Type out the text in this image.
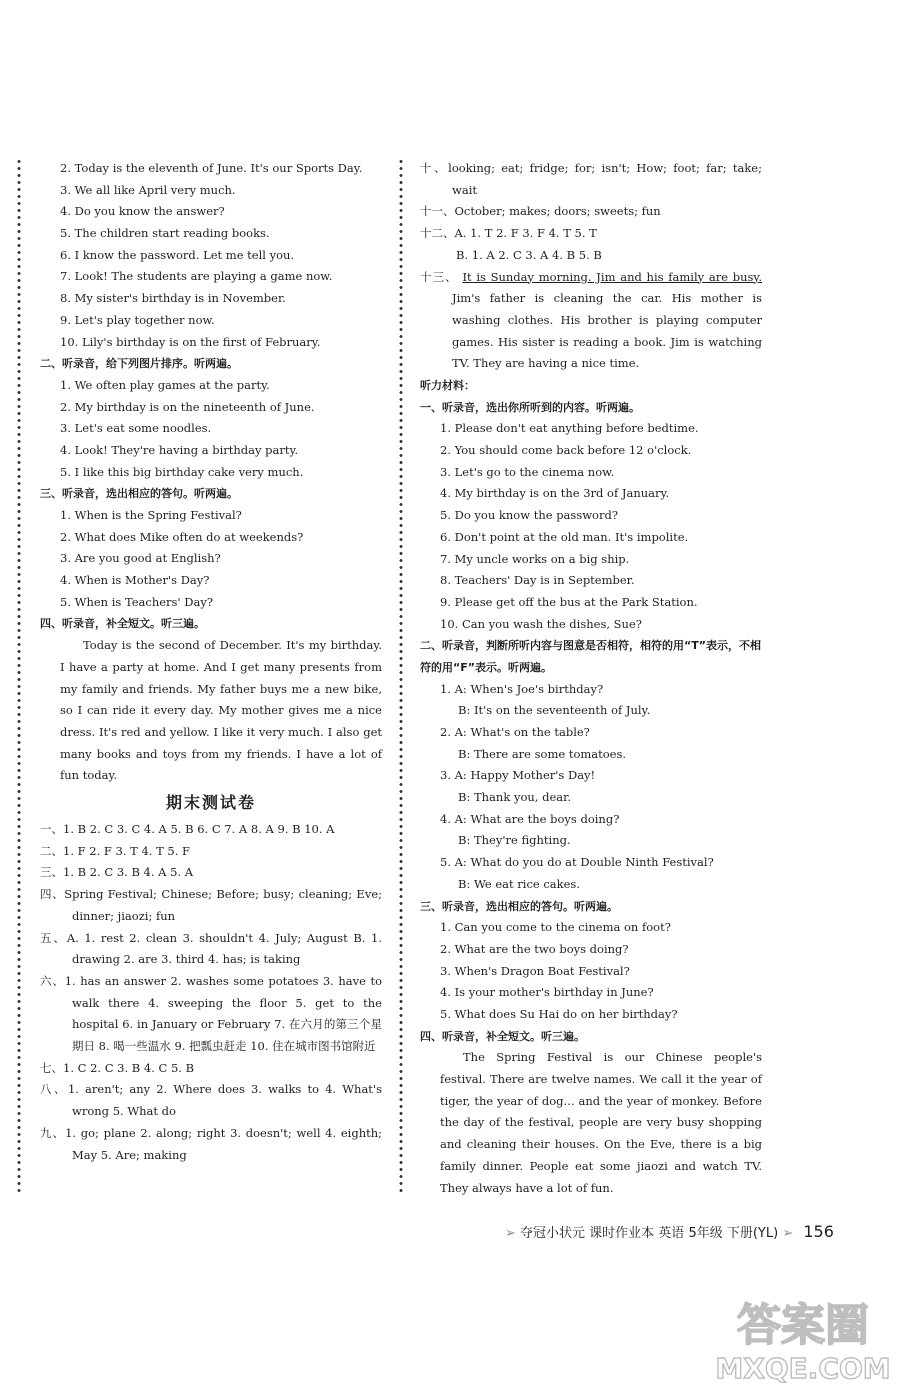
2. Today is the eleventh of June. It's our Sports Day.
3. We all like April very much.
4. Do you know the answer?
5. The children start reading books.
6. I know the password. Let me tell you.
7. Look! The students are playing a game now.
8. My sister's birthday is in November.
9. Let's play together now.
10. Lily's birthday is on the first of February.
二、听录音，给下列图片排序。听两遍。
1. We often play games at the party.
2. My birthday is on the nineteenth of June.
3. Let's eat some noodles.
4. Look! They're having a birthday party.
5. I like this big birthday cake very much.
三、听录音，选出相应的答句。听两遍。
1. When is the Spring Festival?
2. What does Mike often do at weekends?
3. Are you good at English?
4. When is Mother's Day?
5. When is Teachers' Day?
四、听录音，补全短文。听三遍。

Today is the second of December. It's my birthday. I have a party at home. And I get many presents from my family and friends. My father buys me a new bike, so I can ride it every day. My mother gives me a nice dress. It's red and yellow. I like it very much. I also get many books and toys from my friends. I have a lot of fun today.

期末测试卷
一、1. B 2. C 3. C 4. A 5. B 6. C 7. A 8. A 9. B 10. A
二、1. F 2. F 3. T 4. T 5. F
三、1. B 2. C 3. B 4. A 5. A
四、Spring Festival; Chinese; Before; busy; cleaning; Eve; dinner; jiaozi; fun
五、A. 1. rest 2. clean 3. shouldn't 4. July; August B. 1. drawing 2. are 3. third 4. has; is taking
六、1. has an answer 2. washes some potatoes 3. have to walk there 4. sweeping the floor 5. get to the hospital 6. in January or February 7. 在六月的第三个星期日 8. 喝一些温水 9. 把瓢虫赶走 10. 住在城市图书馆附近
七、1. C 2. C 3. B 4. C 5. B
八、1. aren't; any 2. Where does 3. walks to 4. What's wrong 5. What do
九、1. go; plane 2. along; right 3. doesn't; well 4. eighth; May 5. Are; making
十、looking; eat; fridge; for; isn't; How; foot; far; take; wait
十一、October; makes; doors; sweets; fun
十二、A. 1. T 2. F 3. F 4. T 5. T
B. 1. A 2. C 3. A 4. B 5. B
十三、 It is Sunday morning. Jim and his family are busy. Jim's father is cleaning the car. His mother is washing clothes. His brother is playing computer games. His sister is reading a book. Jim is watching TV. They are having a nice time.
听力材料：
一、听录音，选出你所听到的内容。听两遍。
1. Please don't eat anything before bedtime.
2. You should come back before 12 o'clock.
3. Let's go to the cinema now.
4. My birthday is on the 3rd of January.
5. Do you know the password?
6. Don't point at the old man. It's impolite.
7. My uncle works on a big ship.
8. Teachers' Day is in September.
9. Please get off the bus at the Park Station.
10. Can you wash the dishes, Sue?
二、听录音，判断所听内容与图意是否相符，相符的用“T”表示，不相符的用“F”表示。听两遍。
1. A: When's Joe's birthday?
B: It's on the seventeenth of July.
2. A: What's on the table?
B: There are some tomatoes.
3. A: Happy Mother's Day!
B: Thank you, dear.
4. A: What are the boys doing?
B: They're fighting.
5. A: What do you do at Double Ninth Festival?
B: We eat rice cakes.
三、听录音，选出相应的答句。听两遍。
1. Can you come to the cinema on foot?
2. What are the two boys doing?
3. When's Dragon Boat Festival?
4. Is your mother's birthday in June?
5. What does Su Hai do on her birthday?
四、听录音，补全短文。听三遍。

The Spring Festival is our Chinese people's festival. There are twelve names. We call it the year of tiger, the year of dog... and the year of monkey. Before the day of the festival, people are very busy shopping and cleaning their houses. On the Eve, there is a big family dinner. People eat some jiaozi and watch TV. They always have a lot of fun.

➢ 夺冠小状元 课时作业本 英语 5年级 下册(YL) ➢ 156
答案圈
MXQE.COM
